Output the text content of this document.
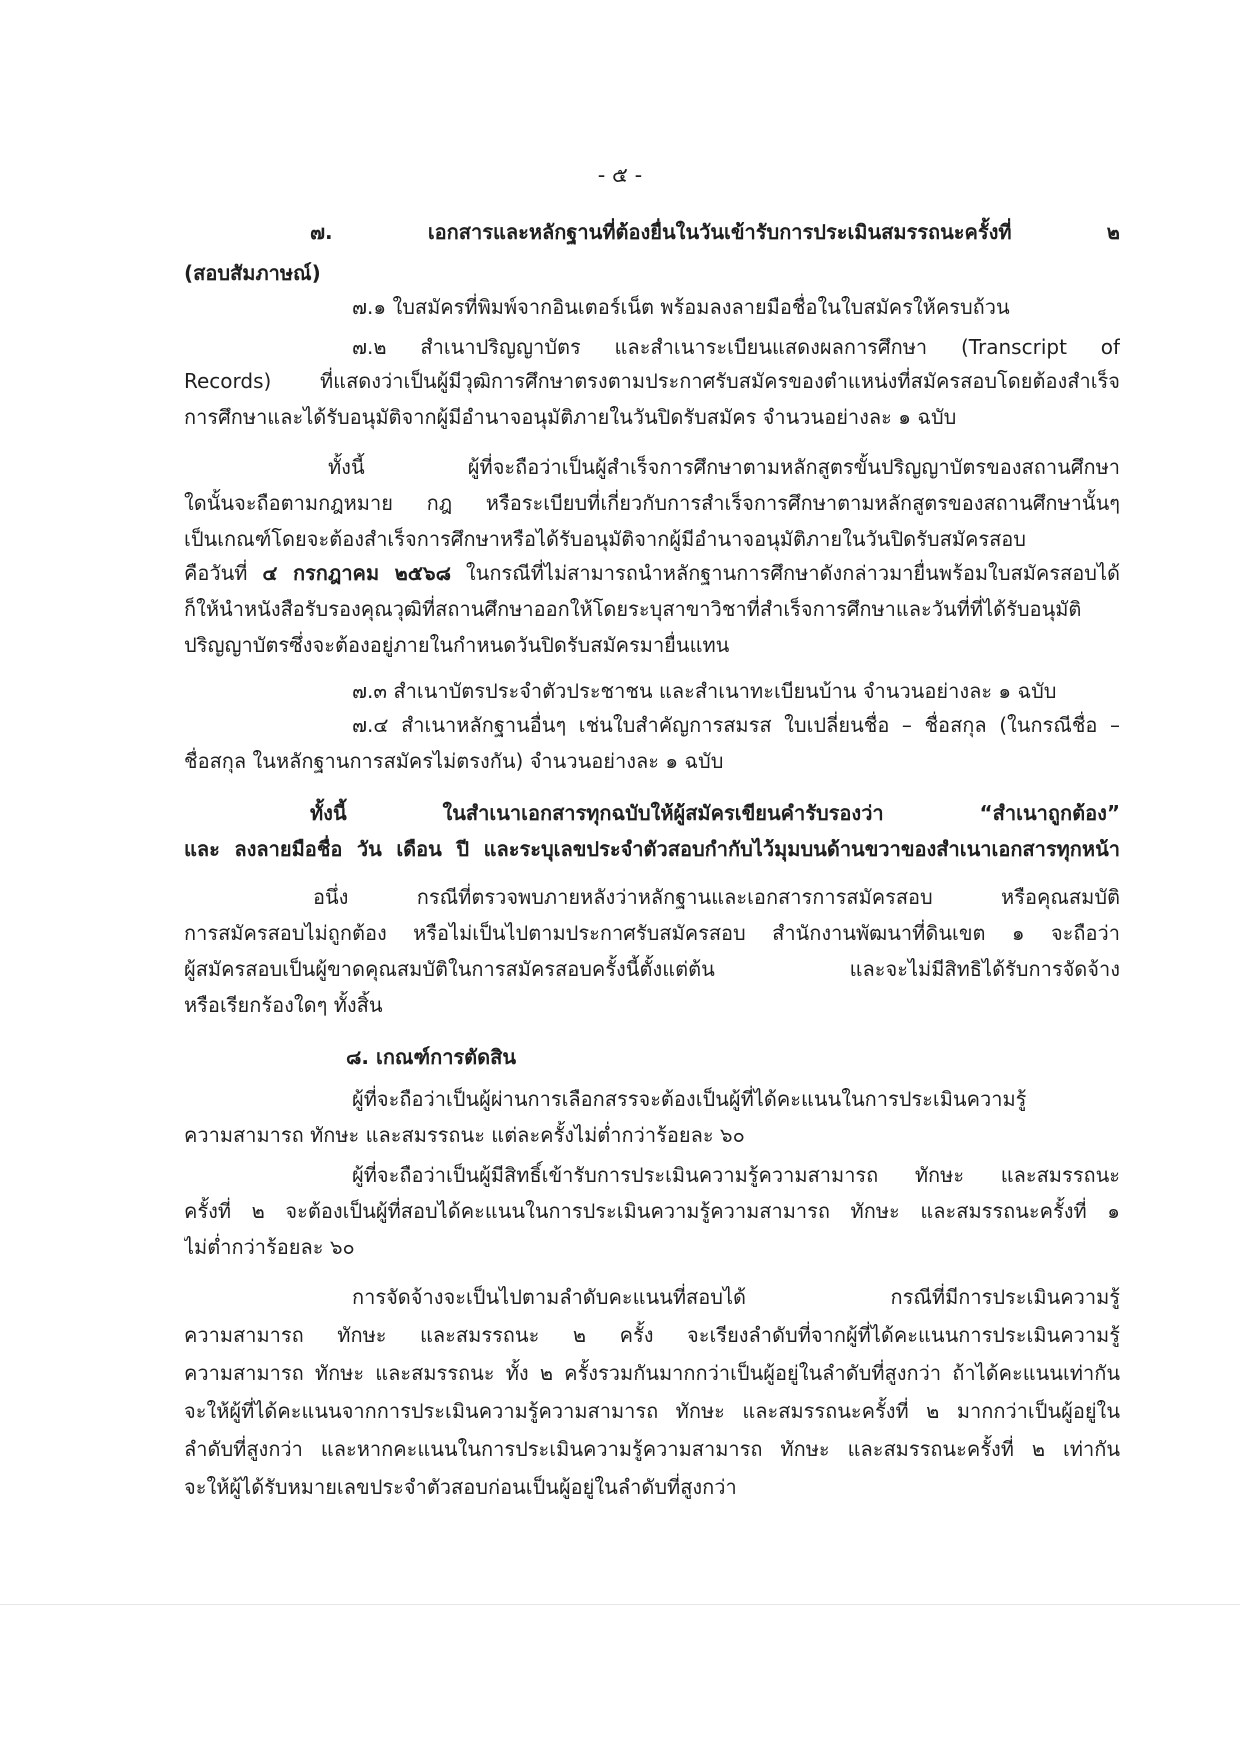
- ๕ -
๗. เอกสารและหลักฐานที่ต้องยื่นในวันเข้ารับการประเมินสมรรถนะครั้งที่ ๒
(สอบสัมภาษณ์)
๗.๑ ใบสมัครที่พิมพ์จากอินเตอร์เน็ต พร้อมลงลายมือชื่อในใบสมัครให้ครบถ้วน
๗.๒ สำเนาปริญญาบัตร และสำเนาระเบียนแสดงผลการศึกษา (Transcript of
Records) ที่แสดงว่าเป็นผู้มีวุฒิการศึกษาตรงตามประกาศรับสมัครของตำแหน่งที่สมัครสอบโดยต้องสำเร็จ
การศึกษาและได้รับอนุมัติจากผู้มีอำนาจอนุมัติภายในวันปิดรับสมัคร จำนวนอย่างละ ๑ ฉบับ
ทั้งนี้ ผู้ที่จะถือว่าเป็นผู้สำเร็จการศึกษาตามหลักสูตรขั้นปริญญาบัตรของสถานศึกษา
ใดนั้นจะถือตามกฎหมาย กฎ หรือระเบียบที่เกี่ยวกับการสำเร็จการศึกษาตามหลักสูตรของสถานศึกษานั้นๆ
เป็นเกณฑ์โดยจะต้องสำเร็จการศึกษาหรือได้รับอนุมัติจากผู้มีอำนาจอนุมัติภายในวันปิดรับสมัครสอบ
คือวันที่ ๔ กรกฎาคม ๒๕๖๘ ในกรณีที่ไม่สามารถนำหลักฐานการศึกษาดังกล่าวมายื่นพร้อมใบสมัครสอบได้
ก็ให้นำหนังสือรับรองคุณวุฒิที่สถานศึกษาออกให้โดยระบุสาขาวิชาที่สำเร็จการศึกษาและวันที่ที่ได้รับอนุมัติ
ปริญญาบัตรซึ่งจะต้องอยู่ภายในกำหนดวันปิดรับสมัครมายื่นแทน
๗.๓ สำเนาบัตรประจำตัวประชาชน และสำเนาทะเบียนบ้าน จำนวนอย่างละ ๑ ฉบับ
๗.๔ สำเนาหลักฐานอื่นๆ เช่นใบสำคัญการสมรส ใบเปลี่ยนชื่อ – ชื่อสกุล (ในกรณีชื่อ –
ชื่อสกุล ในหลักฐานการสมัครไม่ตรงกัน) จำนวนอย่างละ ๑ ฉบับ
ทั้งนี้ ในสำเนาเอกสารทุกฉบับให้ผู้สมัครเขียนคำรับรองว่า “สำเนาถูกต้อง”
และ ลงลายมือชื่อ วัน เดือน ปี และระบุเลขประจำตัวสอบกำกับไว้มุมบนด้านขวาของสำเนาเอกสารทุกหน้า
อนึ่ง กรณีที่ตรวจพบภายหลังว่าหลักฐานและเอกสารการสมัครสอบ หรือคุณสมบัติ
การสมัครสอบไม่ถูกต้อง หรือไม่เป็นไปตามประกาศรับสมัครสอบ สำนักงานพัฒนาที่ดินเขต ๑ จะถือว่า
ผู้สมัครสอบเป็นผู้ขาดคุณสมบัติในการสมัครสอบครั้งนี้ตั้งแต่ต้น และจะไม่มีสิทธิได้รับการจัดจ้าง
หรือเรียกร้องใดๆ ทั้งสิ้น
๘. เกณฑ์การตัดสิน
ผู้ที่จะถือว่าเป็นผู้ผ่านการเลือกสรรจะต้องเป็นผู้ที่ได้คะแนนในการประเมินความรู้
ความสามารถ ทักษะ และสมรรถนะ แต่ละครั้งไม่ต่ำกว่าร้อยละ ๖๐
ผู้ที่จะถือว่าเป็นผู้มีสิทธิ์เข้ารับการประเมินความรู้ความสามารถ ทักษะ และสมรรถนะ
ครั้งที่ ๒ จะต้องเป็นผู้ที่สอบได้คะแนนในการประเมินความรู้ความสามารถ ทักษะ และสมรรถนะครั้งที่ ๑
ไม่ต่ำกว่าร้อยละ ๖๐
การจัดจ้างจะเป็นไปตามลำดับคะแนนที่สอบได้ กรณีที่มีการประเมินความรู้
ความสามารถ ทักษะ และสมรรถนะ ๒ ครั้ง จะเรียงลำดับที่จากผู้ที่ได้คะแนนการประเมินความรู้
ความสามารถ ทักษะ และสมรรถนะ ทั้ง ๒ ครั้งรวมกันมากกว่าเป็นผู้อยู่ในลำดับที่สูงกว่า ถ้าได้คะแนนเท่ากัน
จะให้ผู้ที่ได้คะแนนจากการประเมินความรู้ความสามารถ ทักษะ และสมรรถนะครั้งที่ ๒ มากกว่าเป็นผู้อยู่ใน
ลำดับที่สูงกว่า และหากคะแนนในการประเมินความรู้ความสามารถ ทักษะ และสมรรถนะครั้งที่ ๒ เท่ากัน
จะให้ผู้ได้รับหมายเลขประจำตัวสอบก่อนเป็นผู้อยู่ในลำดับที่สูงกว่า
